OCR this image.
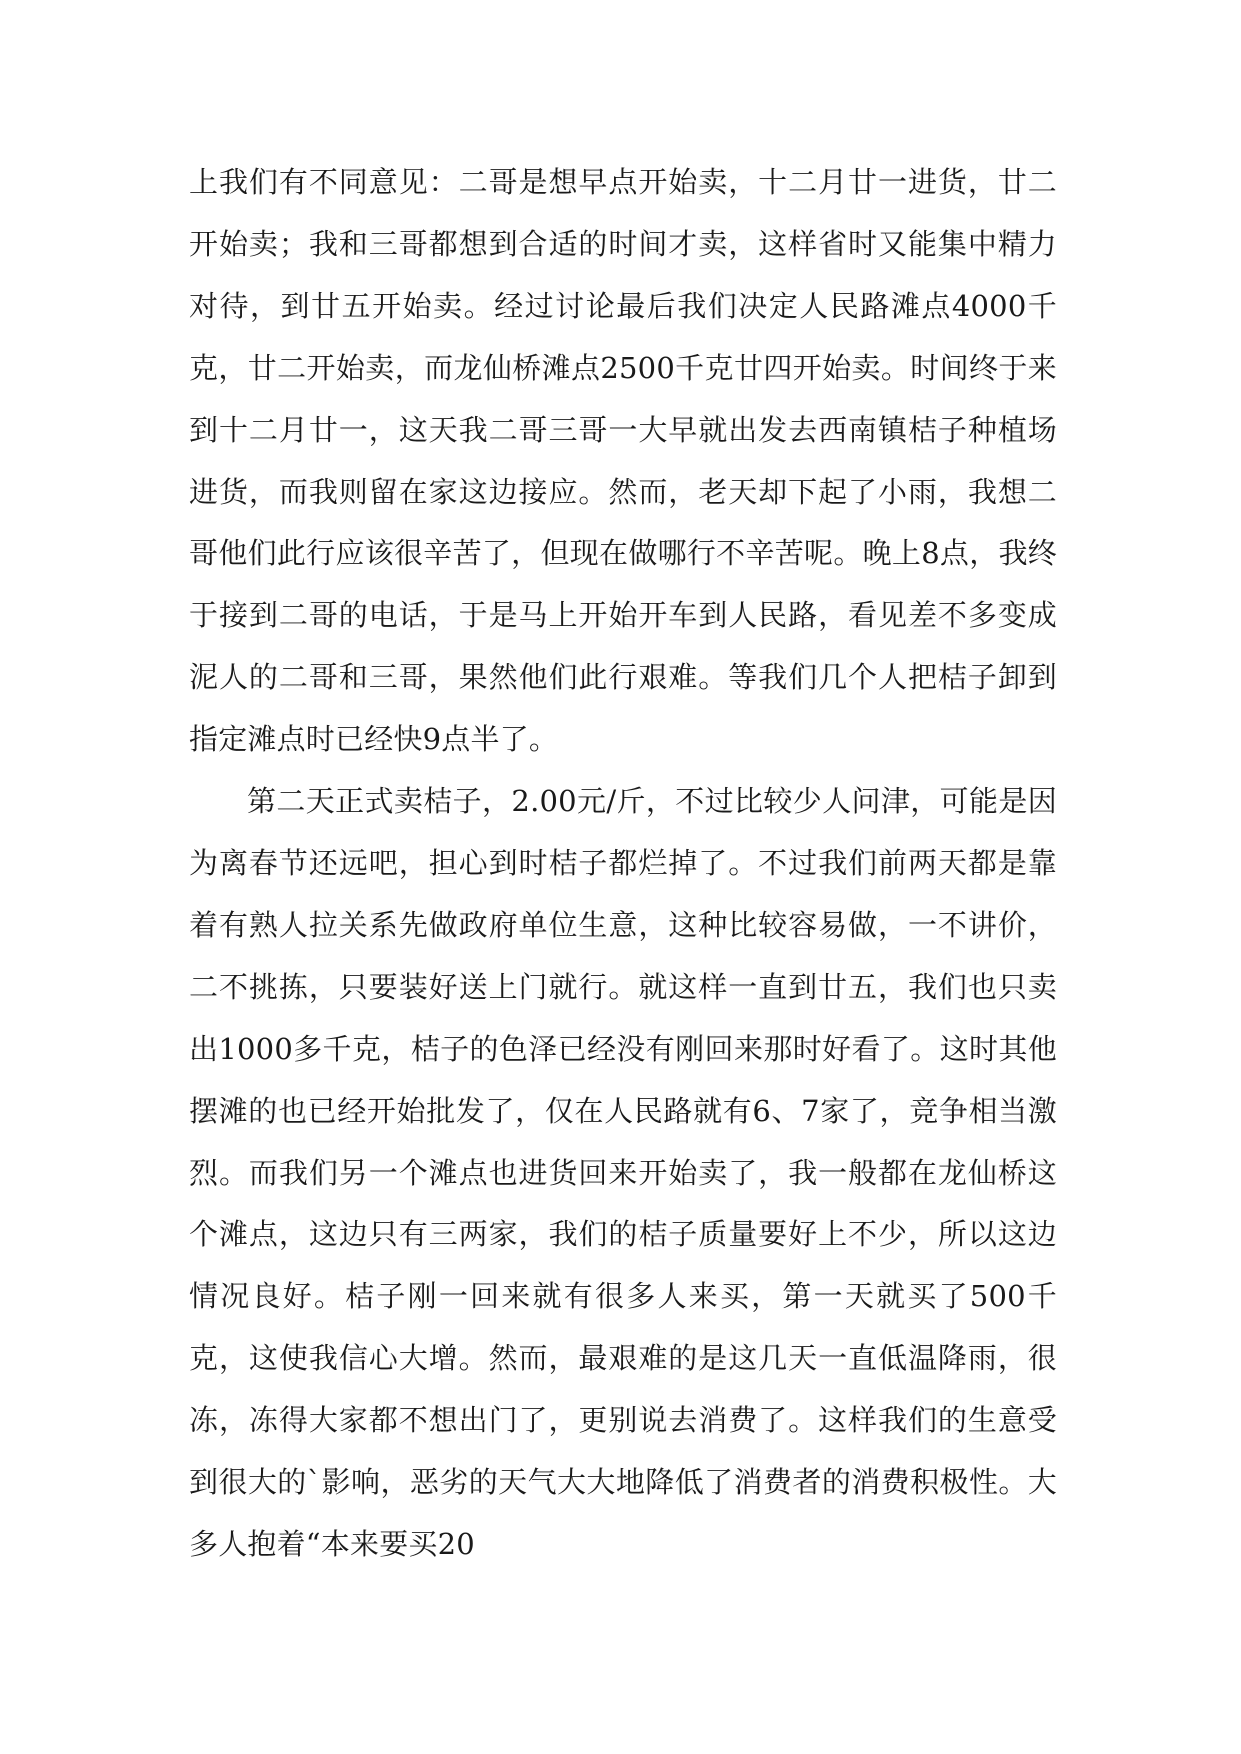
上我们有不同意见：二哥是想早点开始卖，十二月廿一进货，廿二开始卖；我和三哥都想到合适的时间才卖，这样省时又能集中精力对待，到廿五开始卖。经过讨论最后我们决定人民路滩点4000千克，廿二开始卖，而龙仙桥滩点2500千克廿四开始卖。时间终于来到十二月廿一，这天我二哥三哥一大早就出发去西南镇桔子种植场进货，而我则留在家这边接应。然而，老天却下起了小雨，我想二哥他们此行应该很辛苦了，但现在做哪行不辛苦呢。晚上8点，我终于接到二哥的电话，于是马上开始开车到人民路，看见差不多变成泥人的二哥和三哥，果然他们此行艰难。等我们几个人把桔子卸到指定滩点时已经快9点半了。

第二天正式卖桔子，2.00元/斤，不过比较少人问津，可能是因为离春节还远吧，担心到时桔子都烂掉了。不过我们前两天都是靠着有熟人拉关系先做政府单位生意，这种比较容易做，一不讲价，二不挑拣，只要装好送上门就行。就这样一直到廿五，我们也只卖出1000多千克，桔子的色泽已经没有刚回来那时好看了。这时其他摆滩的也已经开始批发了，仅在人民路就有6、7家了，竞争相当激烈。而我们另一个滩点也进货回来开始卖了，我一般都在龙仙桥这个滩点，这边只有三两家，我们的桔子质量要好上不少，所以这边情况良好。桔子刚一回来就有很多人来买，第一天就买了500千克，这使我信心大增。然而，最艰难的是这几天一直低温降雨，很冻，冻得大家都不想出门了，更别说去消费了。这样我们的生意受到很大的`影响，恶劣的天气大大地降低了消费者的消费积极性。大多人抱着“本来要买20
